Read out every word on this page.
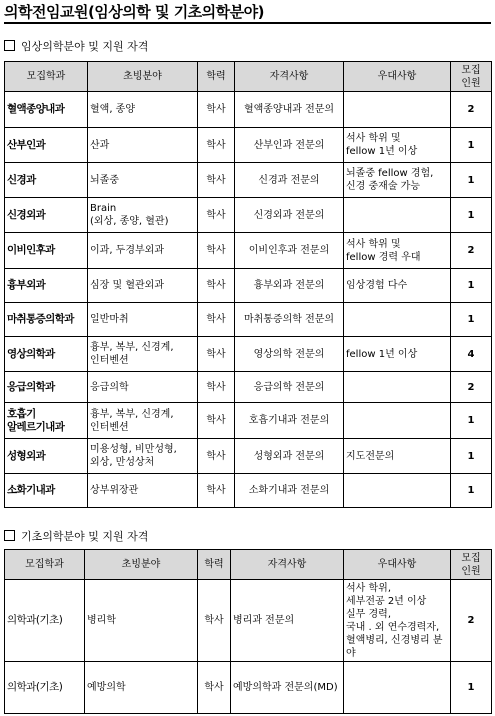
의학전임교원(임상의학 및 기초의학분야)
임상의학분야 및 지원 자격
모집학과	초빙분야	학력	자격사항	우대사항	모집
인원
혈액종양내과	혈액, 종양	학사	혈액종양내과 전문의		2
산부인과	산과	학사	산부인과 전문의	석사 학위 및
fellow 1년 이상	1
신경과	뇌졸중	학사	신경과 전문의	뇌졸중 fellow 경험,
신경 중재술 가능	1
신경외과	Brain
(외상, 종양, 혈관)	학사	신경외과 전문의		1
이비인후과	이과, 두경부외과	학사	이비인후과 전문의	석사 학위 및
fellow 경력 우대	2
흉부외과	심장 및 혈관외과	학사	흉부외과 전문의	임상경험 다수	1
마취통증의학과	일반마취	학사	마취통증의학 전문의		1
영상의학과	흉부, 복부, 신경계,
인터벤션	학사	영상의학 전문의	fellow 1년 이상	4
응급의학과	응급의학	학사	응급의학 전문의		2
호흡기
알레르기내과	흉부, 복부, 신경계,
인터벤션	학사	호흡기내과 전문의		1
성형외과	미용성형, 비만성형,
외상, 만성상처	학사	성형외과 전문의	지도전문의	1
소화기내과	상부위장관	학사	소화기내과 전문의		1
기초의학분야 및 지원 자격
모집학과	초빙분야	학력	자격사항	우대사항	모집
인원
의학과(기초)	병리학	학사	병리과 전문의	석사 학위,
세부전공 2년 이상
실무 경력,
국내 . 외 연수경력자,
혈액병리, 신경병리 분야	2
의학과(기초)	예방의학	학사	예방의학과 전문의(MD)		1
